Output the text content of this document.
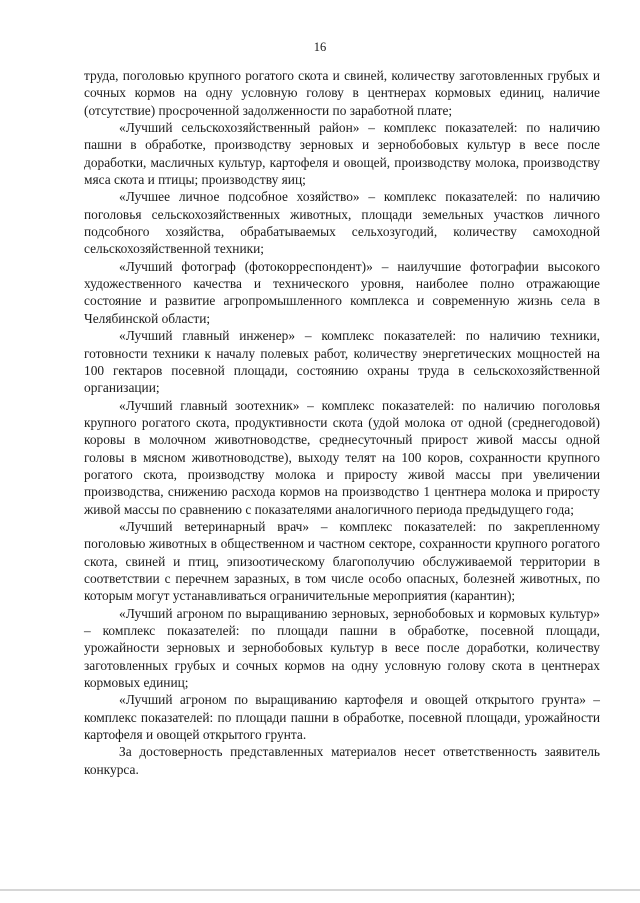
16

труда, поголовью крупного рогатого скота и свиней, количеству заготовленных грубых и сочных кормов на одну условную голову в центнерах кормовых единиц, наличие (отсутствие) просроченной задолженности по заработной плате;

«Лучший сельскохозяйственный район» – комплекс показателей: по наличию пашни в обработке, производству зерновых и зернобобовых культур в весе после доработки, масличных культур, картофеля и овощей, производству молока, производству мяса скота и птицы; производству яиц;

«Лучшее личное подсобное хозяйство» – комплекс показателей: по наличию поголовья сельскохозяйственных животных, площади земельных участков личного подсобного хозяйства, обрабатываемых сельхозугодий, количеству самоходной сельскохозяйственной техники;

«Лучший фотограф (фотокорреспондент)» – наилучшие фотографии высокого художественного качества и технического уровня, наиболее полно отражающие состояние и развитие агропромышленного комплекса и современную жизнь села в Челябинской области;

«Лучший главный инженер» – комплекс показателей: по наличию техники, готовности техники к началу полевых работ, количеству энергетических мощностей на 100 гектаров посевной площади, состоянию охраны труда в сельскохозяйственной организации;

«Лучший главный зоотехник» – комплекс показателей: по наличию поголовья крупного рогатого скота, продуктивности скота (удой молока от одной (среднегодовой) коровы в молочном животноводстве, среднесуточный прирост живой массы одной головы в мясном животноводстве), выходу телят на 100 коров, сохранности крупного рогатого скота, производству молока и приросту живой массы при увеличении производства, снижению расхода кормов на производство 1 центнера молока и приросту живой массы по сравнению с показателями аналогичного периода предыдущего года;

«Лучший ветеринарный врач» – комплекс показателей: по закрепленному поголовью животных в общественном и частном секторе, сохранности крупного рогатого скота, свиней и птиц, эпизоотическому благополучию обслуживаемой территории в соответствии с перечнем заразных, в том числе особо опасных, болезней животных, по которым могут устанавливаться ограничительные мероприятия (карантин);

«Лучший агроном по выращиванию зерновых, зернобобовых и кормовых культур» – комплекс показателей: по площади пашни в обработке, посевной площади, урожайности зерновых и зернобобовых культур в весе после доработки, количеству заготовленных грубых и сочных кормов на одну условную голову скота в центнерах кормовых единиц;

«Лучший агроном по выращиванию картофеля и овощей открытого грунта» – комплекс показателей: по площади пашни в обработке, посевной площади, урожайности картофеля и овощей открытого грунта.

За достоверность представленных материалов несет ответственность заявитель конкурса.
